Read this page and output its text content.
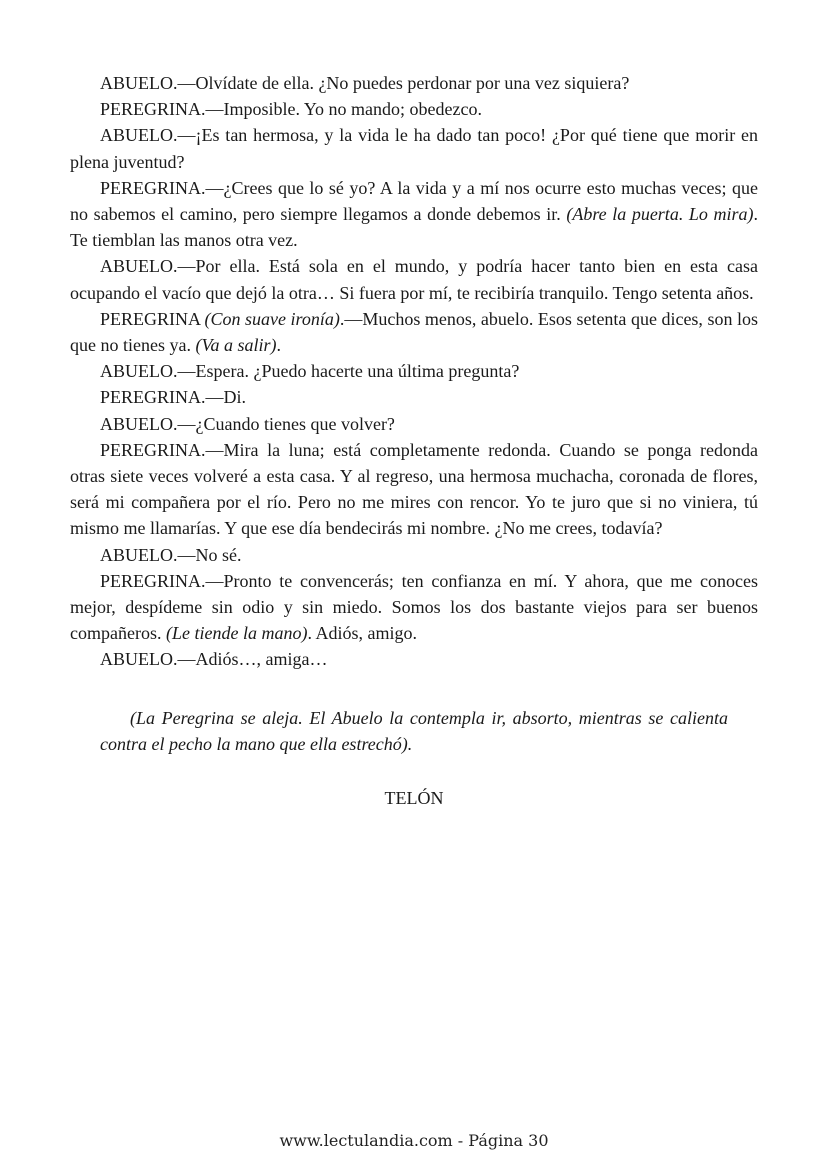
ABUELO.—Olvídate de ella. ¿No puedes perdonar por una vez siquiera?

PEREGRINA.—Imposible. Yo no mando; obedezco.

ABUELO.—¡Es tan hermosa, y la vida le ha dado tan poco! ¿Por qué tiene que morir en plena juventud?

PEREGRINA.—¿Crees que lo sé yo? A la vida y a mí nos ocurre esto muchas veces; que no sabemos el camino, pero siempre llegamos a donde debemos ir. (Abre la puerta. Lo mira). Te tiemblan las manos otra vez.

ABUELO.—Por ella. Está sola en el mundo, y podría hacer tanto bien en esta casa ocupando el vacío que dejó la otra… Si fuera por mí, te recibiría tranquilo. Tengo setenta años.

PEREGRINA (Con suave ironía).—Muchos menos, abuelo. Esos setenta que dices, son los que no tienes ya. (Va a salir).

ABUELO.—Espera. ¿Puedo hacerte una última pregunta?

PEREGRINA.—Di.

ABUELO.—¿Cuando tienes que volver?

PEREGRINA.—Mira la luna; está completamente redonda. Cuando se ponga redonda otras siete veces volveré a esta casa. Y al regreso, una hermosa muchacha, coronada de flores, será mi compañera por el río. Pero no me mires con rencor. Yo te juro que si no viniera, tú mismo me llamarías. Y que ese día bendecirás mi nombre. ¿No me crees, todavía?

ABUELO.—No sé.

PEREGRINA.—Pronto te convencerás; ten confianza en mí. Y ahora, que me conoces mejor, despídeme sin odio y sin miedo. Somos los dos bastante viejos para ser buenos compañeros. (Le tiende la mano). Adiós, amigo.

ABUELO.—Adiós…, amiga…

(La Peregrina se aleja. El Abuelo la contempla ir, absorto, mientras se calienta contra el pecho la mano que ella estrechó).

TELÓN

www.lectulandia.com - Página 30
